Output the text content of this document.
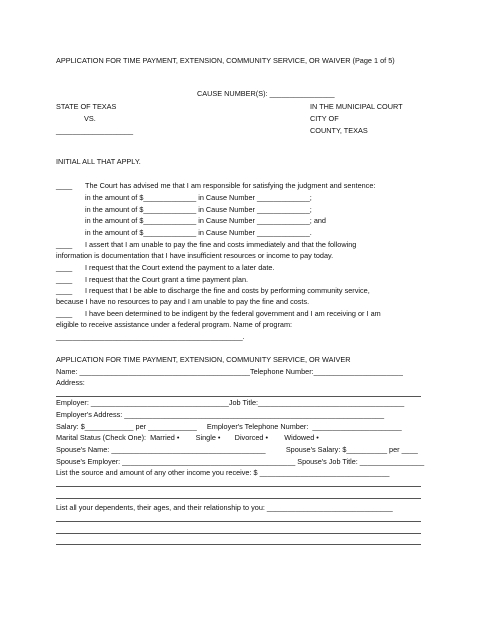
APPLICATION FOR TIME PAYMENT, EXTENSION, COMMUNITY SERVICE, OR WAIVER (Page 1 of 5)
CAUSE NUMBER(S): ________________
STATE OF TEXAS
VS.
___________________
IN THE MUNICIPAL COURT
CITY OF
COUNTY, TEXAS
INITIAL ALL THAT APPLY.
____ The Court has advised me that I am responsible for satisfying the judgment and sentence:
in the amount of $_____________ in Cause Number _____________;
in the amount of $_____________ in Cause Number _____________;
in the amount of $_____________ in Cause Number _____________; and
in the amount of $_____________ in Cause Number _____________.
____ I assert that I am unable to pay the fine and costs immediately and that the following
information is documentation that I have insufficient resources or income to pay today.
____ I request that the Court extend the payment to a later date.
____ I request that the Court grant a time payment plan.
____ I request that I be able to discharge the fine and costs by performing community service,
because I have no resources to pay and I am unable to pay the fine and costs.
____ I have been determined to be indigent by the federal government and I am receiving or I am
eligible to receive assistance under a federal program. Name of program:
______________________________________________.
APPLICATION FOR TIME PAYMENT, EXTENSION, COMMUNITY SERVICE, OR WAIVER
Name: __________________________________________Telephone Number:______________________
Address:
Employer: __________________________________Job Title:____________________________________
Employer's Address: ________________________________________________________________
Salary: $____________ per ____________     Employer's Telephone Number:  ______________________
Marital Status (Check One):  Married •        Single •       Divorced •        Widowed •
Spouse's Name: ______________________________________          Spouse's Salary: $__________ per ____
Spouse's Employer: ___________________________________________ Spouse's Job Title: ________________
List the source and amount of any other income you receive: $ ________________________________
List all your dependents, their ages, and their relationship to you: _______________________________
